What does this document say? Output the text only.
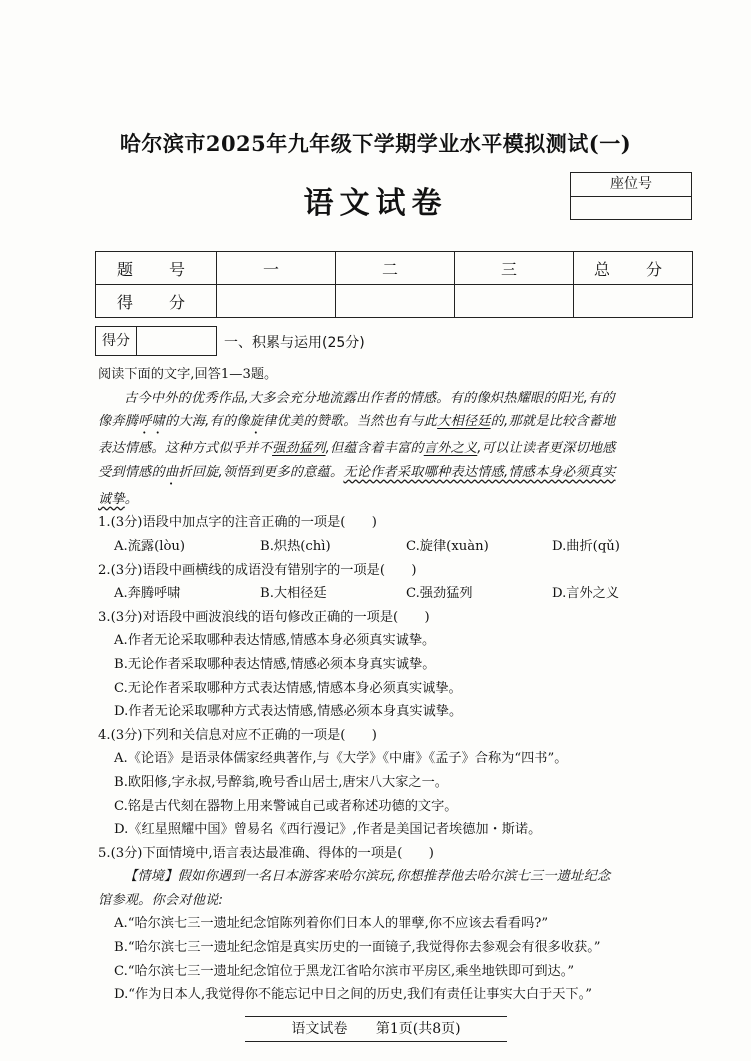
哈尔滨市2025年九年级下学期学业水平模拟测试(一)
语文试卷
座位号
题　号	一	二	三	总　分
得　分				
得分	一、积累与运用(25分)

阅读下面的文字,回答1—3题。

古今中外的优秀作品,大多会充分地流露出作者的情感。有的像炽热耀眼的阳光,有的

像奔腾呼啸的大海,有的像旋律优美的赞歌。当然也有与此大相径廷的,那就是比较含蓄地

表达情感。这种方式似乎并不强劲猛列,但蕴含着丰富的言外之义,可以让读者更深切地感

受到情感的曲折回旋,领悟到更多的意蕴。无论作者采取哪种表达情感,情感本身必须真实

诚挚。

1.(3分)语段中加点字的注音正确的一项是(　　)

A.流露(lòu)	B.炽热(chì)	C.旋律(xuàn)	D.曲折(qǔ)

2.(3分)语段中画横线的成语没有错别字的一项是(　　)

A.奔腾呼啸	B.大相径廷	C.强劲猛列	D.言外之义

3.(3分)对语段中画波浪线的语句修改正确的一项是(　　)

A.作者无论采取哪种表达情感,情感本身必须真实诚挚。

B.无论作者采取哪种表达情感,情感必须本身真实诚挚。

C.无论作者采取哪种方式表达情感,情感本身必须真实诚挚。

D.作者无论采取哪种方式表达情感,情感必须本身真实诚挚。

4.(3分)下列和关信息对应不正确的一项是(　　)

A.《论语》是语录体儒家经典著作,与《大学》《中庸》《孟子》合称为“四书”。

B.欧阳修,字永叔,号醉翁,晚号香山居士,唐宋八大家之一。

C.铭是古代刻在器物上用来警诫自己或者称述功德的文字。

D.《红星照耀中国》曾易名《西行漫记》,作者是美国记者埃德加・斯诺。

5.(3分)下面情境中,语言表达最准确、得体的一项是(　　)

【情境】假如你遇到一名日本游客来哈尔滨玩,你想推荐他去哈尔滨七三一遗址纪念

馆参观。你会对他说:

A.“哈尔滨七三一遗址纪念馆陈列着你们日本人的罪孽,你不应该去看看吗?”

B.“哈尔滨七三一遗址纪念馆是真实历史的一面镜子,我觉得你去参观会有很多收获。”

C.“哈尔滨七三一遗址纪念馆位于黑龙江省哈尔滨市平房区,乘坐地铁即可到达。”

D.“作为日本人,我觉得你不能忘记中日之间的历史,我们有责任让事实大白于天下。”

语文试卷 第1页(共8页)
